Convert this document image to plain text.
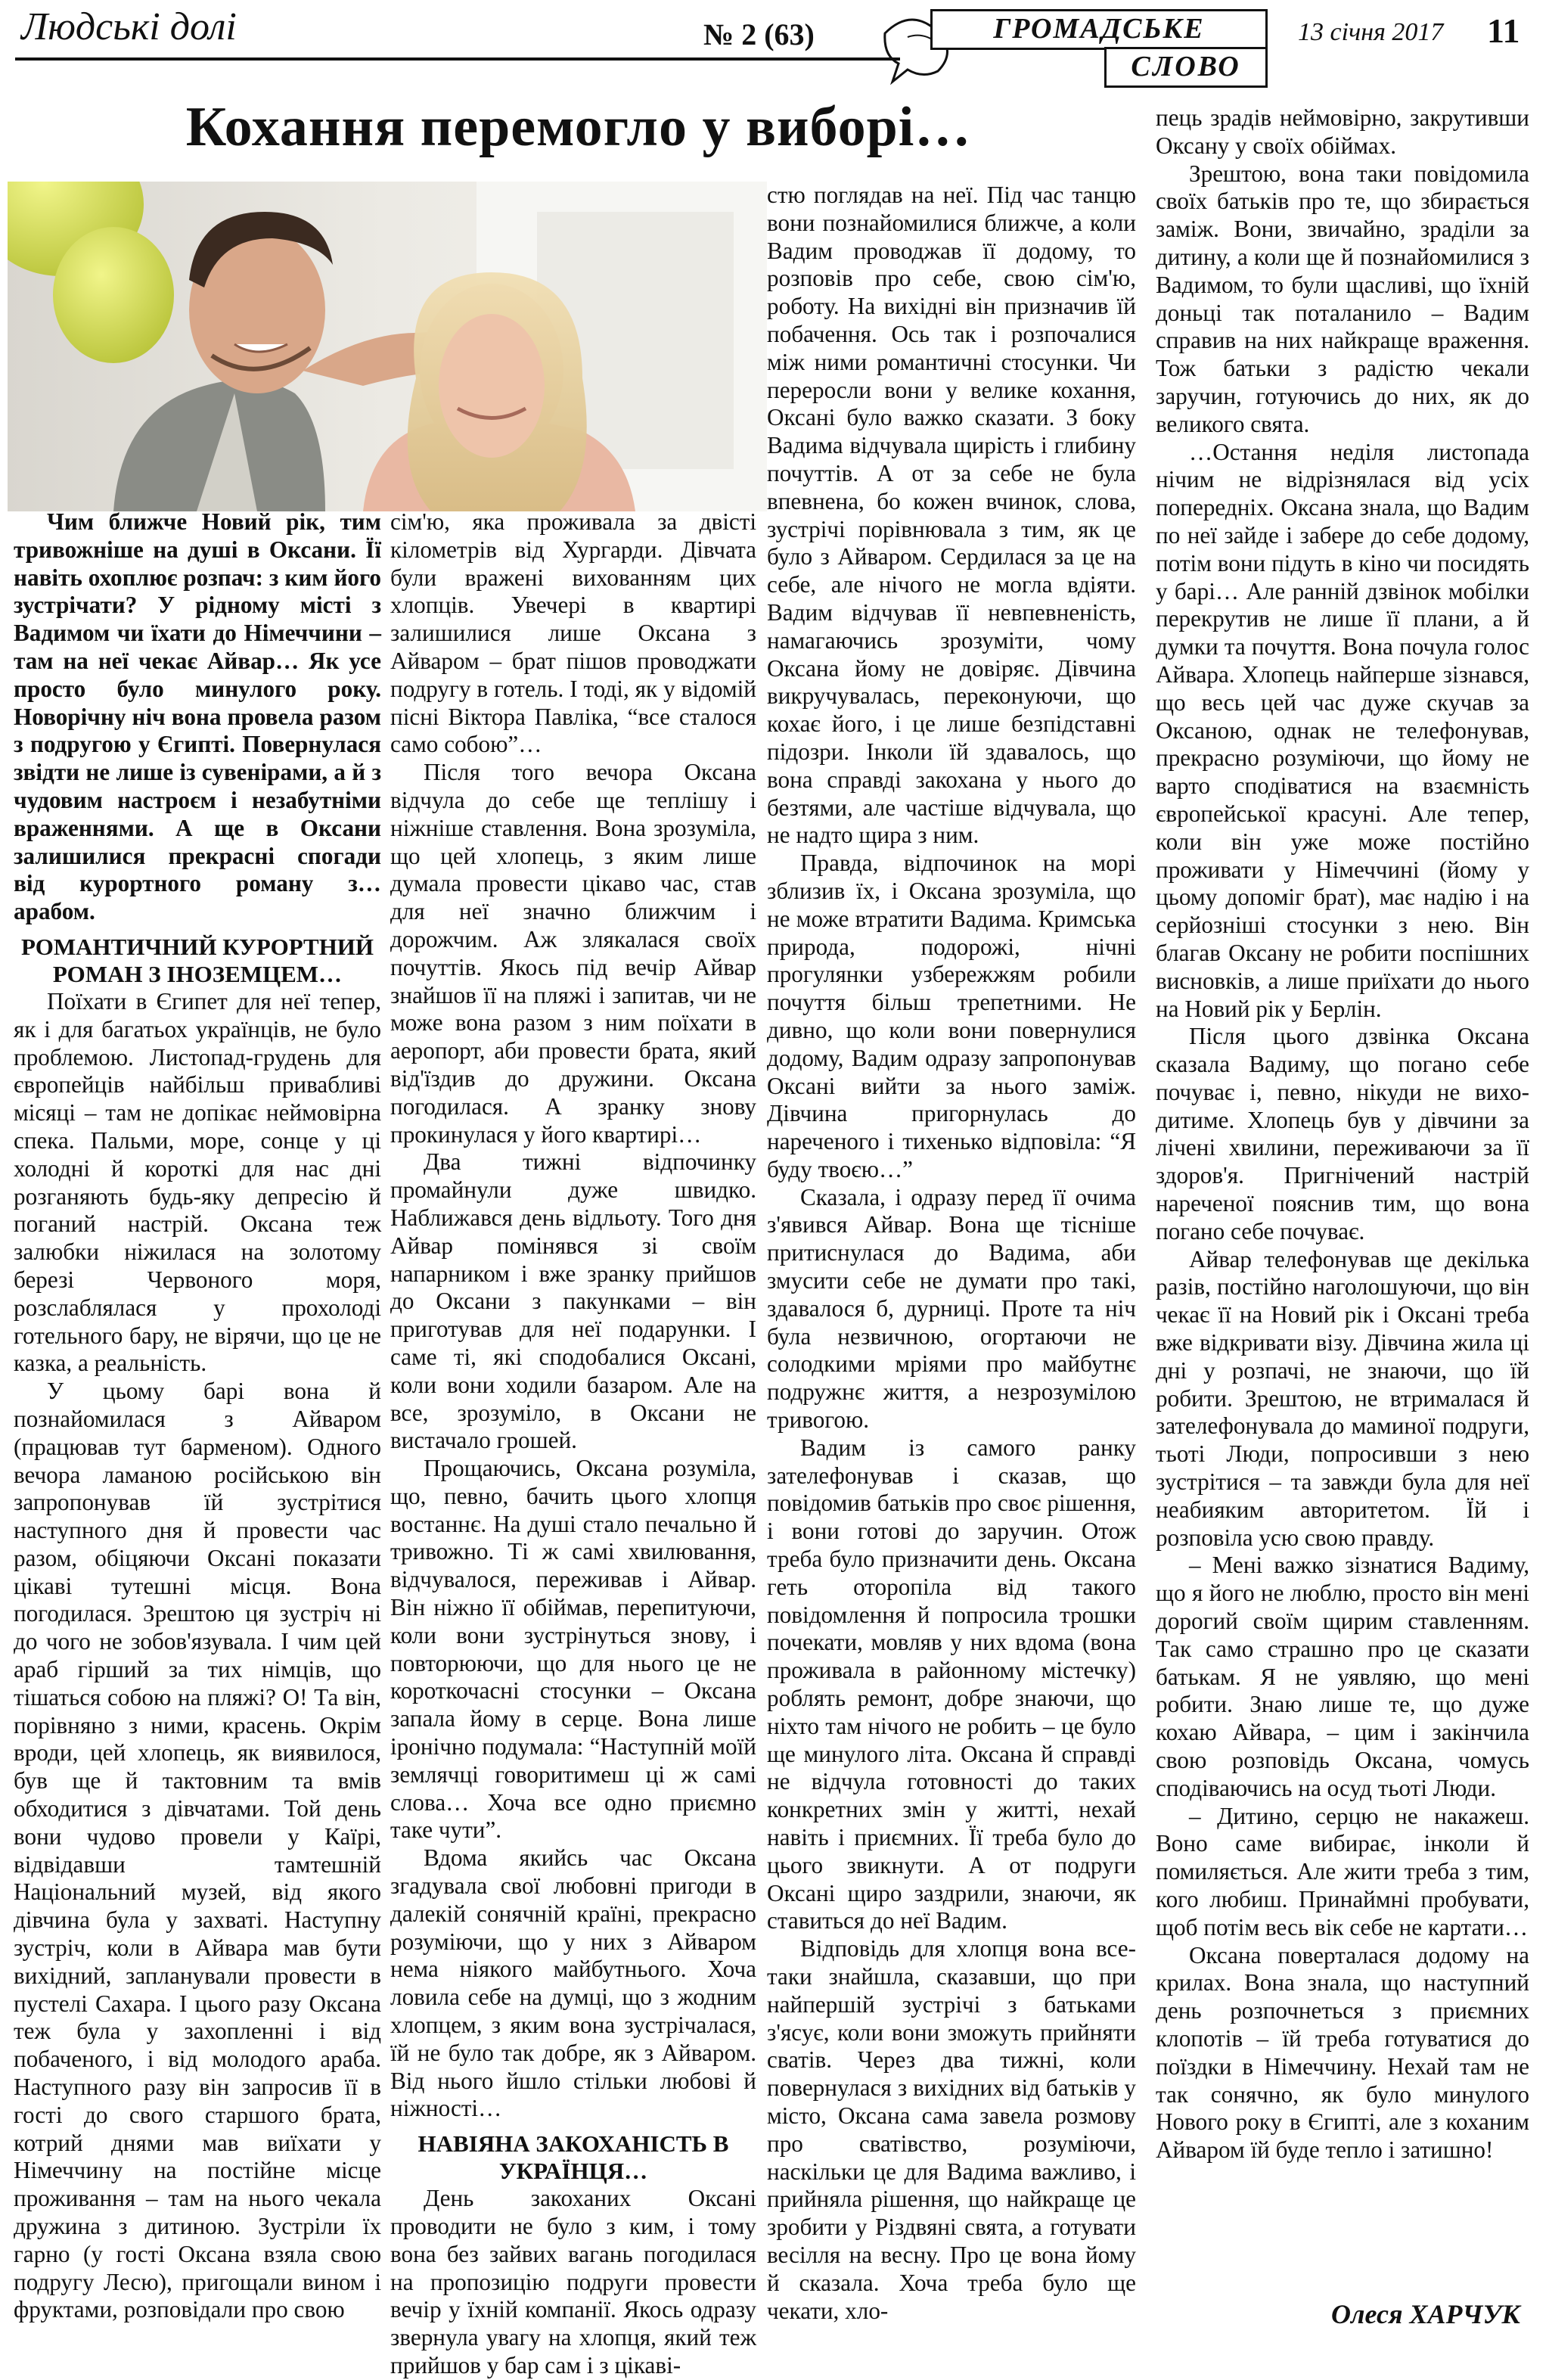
Людські долі	№ 2 (63)	ГРОМАДСЬКЕ
СЛОВО
13 січня 2017 11
Кохання перемогло у виборі…

Чим ближче Новий рік, тим тривожніше на душі в Оксани. Її навіть охоплює розпач: з ким його зустрічати? У рідному місті з Вадимом чи їхати до Німеччини – там на неї чекає Айвар… Як усе просто було минулого року. Новорічну ніч вона провела разом з подругою у Єгипті. Повернулася звідти не лише із сувенірами, а й з чудовим настроєм і незабутніми враженнями. А ще в Оксани залишилися прекрасні спогади від курортного роману з… арабом.

РОМАНТИЧНИЙ КУРОРТНИЙ РОМАН З ІНОЗЕМЦЕМ…

Поїхати в Єгипет для неї тепер, як і для багатьох українців, не було проблемою. Листопад-грудень для європейців найбільш привабливі місяці – там не допікає неймовірна спека. Пальми, море, сонце у ці холодні й короткі для нас дні розганяють будь-яку депресію й поганий настрій. Оксана теж залюбки ніжилася на золотому березі Червоного моря, розслаблялася у прохолоді готельного бару, не вірячи, що це не казка, а реальність.

У цьому барі вона й познайомилася з Айваром (працював тут барменом). Одного вечора ламаною російською він запропонував їй зустрітися наступного дня й провести час разом, обіцяючи Оксані показати цікаві тутешні місця. Вона погодилася. Зрештою ця зустріч ні до чого не зобов'язувала. І чим цей араб гірший за тих німців, що тішаться собою на пляжі? О! Та він, порівняно з ними, красень. Окрім вроди, цей хлопець, як виявилося, був ще й тактовним та вмів обходитися з дівчатами. Той день вони чудово провели у Каїрі, відвідавши тамтешній Національний музей, від якого дівчина була у захваті. Наступну зустріч, коли в Айвара мав бути вихідний, запланували провести в пустелі Сахара. І цього разу Оксана теж була у захопленні і від побаченого, і від молодого араба. Наступного разу він запросив її в гості до свого старшого брата, котрий днями мав виїхати у Німеччину на постійне місце проживання – там на нього чекала дружина з дитиною. Зустріли їх гарно (у гості Оксана взяла свою подругу Лесю), пригощали вином і фруктами, розповідали про свою

сім'ю, яка проживала за двісті кілометрів від Хургарди. Дівчата були вражені вихованням цих хлопців. Увечері в квартирі залишилися лише Оксана з Айваром – брат пішов проводжати подругу в готель. І тоді, як у відомій пісні Віктора Павліка, “все сталося само собою”…

Після того вечора Оксана відчула до себе ще теплішу і ніжніше ставлення. Вона зрозуміла, що цей хлопець, з яким лише думала провести цікаво час, став для неї значно ближчим і дорожчим. Аж злякалася своїх почуттів. Якось під вечір Айвар знайшов її на пляжі і запитав, чи не може вона разом з ним поїхати в аеропорт, аби провести брата, який від'їздив до дружини. Оксана погодилася. А зранку знову прокинулася у його квартирі…

Два тижні відпочинку промайнули дуже швидко. Наближався день відльоту. Того дня Айвар помінявся зі своїм напарником і вже зранку прийшов до Оксани з пакунками – він приготував для неї подарунки. І саме ті, які сподобалися Оксані, коли вони ходили базаром. Але на все, зрозуміло, в Оксани не вистачало грошей.

Прощаючись, Оксана розуміла, що, певно, бачить цього хлопця востаннє. На душі стало печально й тривожно. Ті ж самі хвилювання, відчувалося, переживав і Айвар. Він ніжно її обіймав, перепитуючи, коли вони зустрінуться знову, і повторюючи, що для нього це не короткочасні стосунки – Оксана запала йому в серце. Вона лише іронічно подумала: “Наступній моїй землячці говоритимеш ці ж самі слова… Хоча все одно приємно таке чути”.

Вдома якийсь час Оксана згадувала свої любовні пригоди в далекій сонячній країні, прекрасно розуміючи, що у них з Айваром нема ніякого майбутнього. Хоча ловила себе на думці, що з жодним хлопцем, з яким вона зустрічалася, їй не було так добре, як з Айваром. Від нього йшло стільки любові й ніжності…

НАВІЯНА ЗАКОХАНІСТЬ В УКРАЇНЦЯ…

День закоханих Оксані проводити не було з ким, і тому вона без зайвих вагань погодилася на пропозицію подруги провести вечір у їхній компанії. Якось одразу звернула увагу на хлопця, який теж прийшов у бар сам і з цікаві-

стю поглядав на неї. Під час танцю вони познайомилися ближче, а коли Вадим проводжав її додому, то розповів про себе, свою сім'ю, роботу. На вихідні він призначив їй побачення. Ось так і розпочалися між ними романтичні стосунки. Чи переросли вони у велике кохання, Оксані було важко сказати. З боку Вадима відчувала щирість і глибину почуттів. А от за себе не була впевнена, бо кожен вчинок, слова, зустрічі порівнювала з тим, як це було з Айваром. Сердилася за це на себе, але нічого не могла вдіяти. Вадим відчував її невпевненість, намагаючись зрозуміти, чому Оксана йому не довіряє. Дівчина викручувалась, переконуючи, що кохає його, і це лише безпідставні підозри. Інколи їй здавалось, що вона справді закохана у нього до безтями, але частіше відчувала, що не надто щира з ним.

Правда, відпочинок на морі зблизив їх, і Оксана зрозуміла, що не може втратити Вадима. Кримська природа, подорожі, нічні прогулянки узбережжям робили почуття більш трепетними. Не дивно, що коли вони повернулися додому, Вадим одразу запропонував Оксані вийти за нього заміж. Дівчина пригорнулась до нареченого і тихенько відповіла: “Я буду твоєю…”

Сказала, і одразу перед її очима з'явився Айвар. Вона ще тісніше притиснулася до Вадима, аби змусити себе не думати про такі, здавалося б, дурниці. Проте та ніч була незвичною, огортаючи не солодкими мріями про майбутнє подружнє життя, а незрозумілою тривогою.

Вадим із самого ранку зателефонував і сказав, що повідомив батьків про своє рішення, і вони готові до заручин. Отож треба було призначити день. Оксана геть оторопіла від такого повідомлення й попросила трошки почекати, мовляв у них вдома (вона проживала в районному містечку) роблять ремонт, добре знаючи, що ніхто там нічого не робить – це було ще минулого літа. Оксана й справді не відчула готовності до таких конкретних змін у житті, нехай навіть і приємних. Її треба було до цього звикнути. А от подруги Оксані щиро заздрили, знаючи, як ставиться до неї Вадим.

Відповідь для хлопця вона все-таки знайшла, сказавши, що при найпершій зустрічі з батьками з'ясує, коли вони зможуть прийняти сватів. Через два тижні, коли повернулася з вихідних від батьків у місто, Оксана сама завела розмову про сватівство, розуміючи, наскільки це для Вадима важливо, і прийняла рішення, що найкраще це зробити у Різдвяні свята, а готувати весілля на весну. Про це вона йому й сказала. Хоча треба було ще чекати, хло-

пець зрадів неймовірно, закрутивши Оксану у своїх обіймах.

Зрештою, вона таки повідомила своїх батьків про те, що збирається заміж. Вони, звичайно, зраділи за дитину, а коли ще й познайомилися з Вадимом, то були щасливі, що їхній доньці так поталанило – Вадим справив на них найкраще враження. Тож батьки з радістю чекали заручин, готуючись до них, як до великого свята.

…Остання неділя листопада нічим не відрізнялася від усіх попередніх. Оксана знала, що Вадим по неї зайде і забере до себе додому, потім вони підуть в кіно чи посидять у барі… Але ранній дзвінок мобілки перекрутив не лише її плани, а й думки та почуття. Вона почула голос Айвара. Хлопець найперше зізнався, що весь цей час дуже скучав за Оксаною, однак не телефонував, прекрасно розуміючи, що йому не варто сподіватися на взаємність європейської красуні. Але тепер, коли він уже може постійно проживати у Німеччині (йому у цьому допоміг брат), має надію і на серйозніші стосунки з нею. Він благав Оксану не робити поспішних висновків, а лише приїхати до нього на Новий рік у Берлін.

Після цього дзвінка Оксана сказала Вадиму, що погано себе почуває і, певно, нікуди не виходитиме. Хлопець був у дівчини за лічені хвилини, переживаючи за її здоров'я. Пригнічений настрій нареченої пояснив тим, що вона погано себе почуває.

Айвар телефонував ще декілька разів, постійно наголошуючи, що він чекає її на Новий рік і Оксані треба вже відкривати візу. Дівчина жила ці дні у розпачі, не знаючи, що їй робити. Зрештою, не втрималася й зателефонувала до маминої подруги, тьоті Люди, попросивши з нею зустрітися – та завжди була для неї неабияким авторитетом. Їй і розповіла усю свою правду.

– Мені важко зізнатися Вадиму, що я його не люблю, просто він мені дорогий своїм щирим ставленням. Так само страшно про це сказати батькам. Я не уявляю, що мені робити. Знаю лише те, що дуже кохаю Айвара, – цим і закінчила свою розповідь Оксана, чомусь сподіваючись на осуд тьоті Люди.

– Дитино, серцю не накажеш. Воно саме вибирає, інколи й помиляється. Але жити треба з тим, кого любиш. Принаймні пробувати, щоб потім весь вік себе не картати…

Оксана поверталася додому на крилах. Вона знала, що наступний день розпочнеться з приємних клопотів – їй треба готуватися до поїздки в Німеччину. Нехай там не так сонячно, як було минулого Нового року в Єгипті, але з коханим Айваром їй буде тепло і затишно!

Олеся ХАРЧУК
